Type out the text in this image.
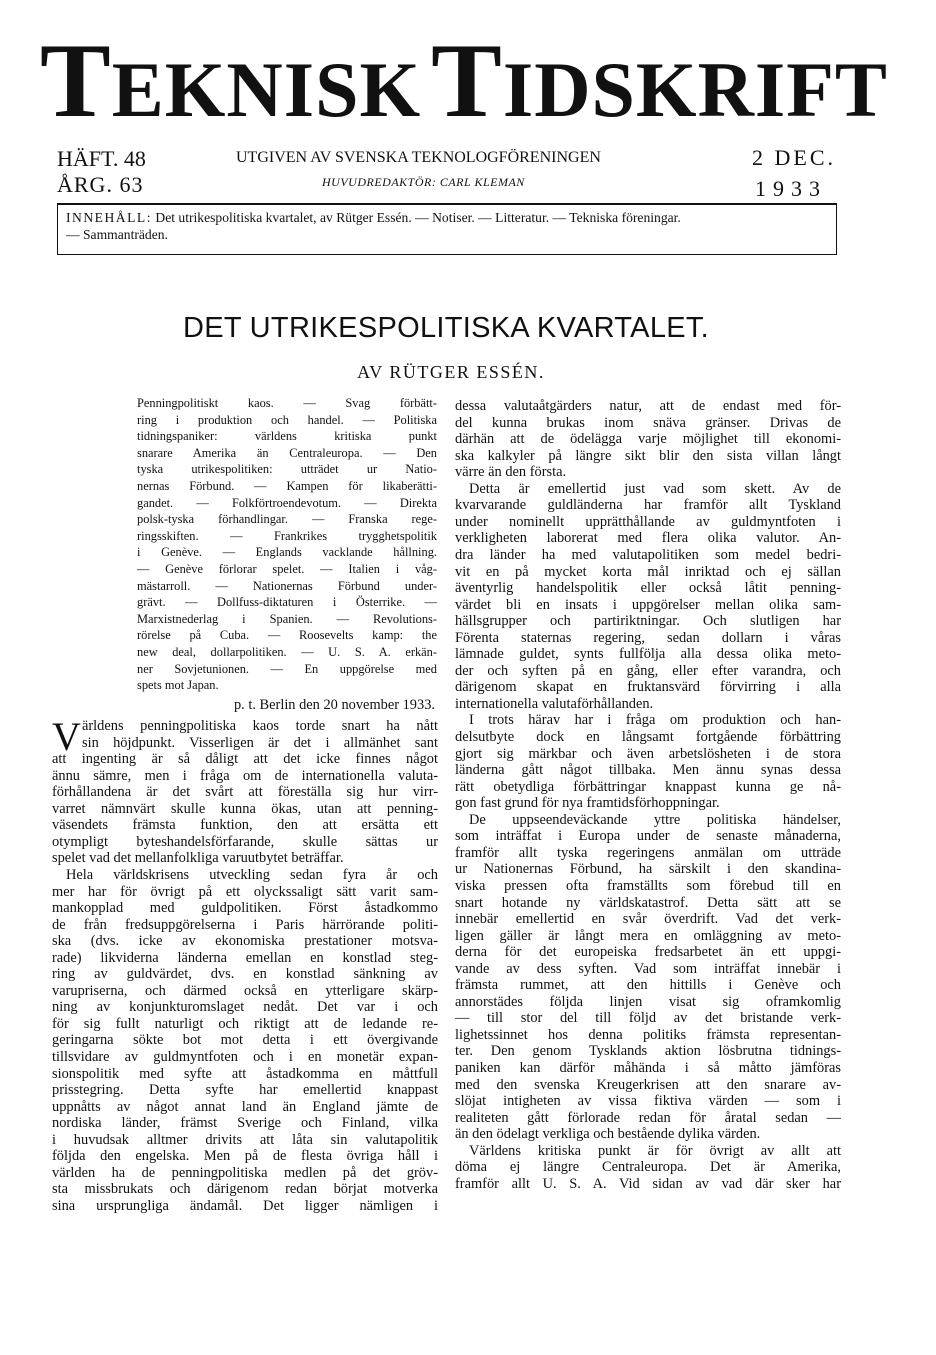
TEKNISKTIDSKRIFT
HÄFT. 48
ÅRG. 63
UTGIVEN AV SVENSKA TEKNOLOGFÖRENINGEN
HUVUDREDAKTÖR: CARL KLEMAN
2 DEC.
1933
INNEHÅLL: Det utrikespolitiska kvartalet, av Rütger Essén. — Notiser. — Litteratur. — Tekniska föreningar.
— Sammanträden.
DET UTRIKESPOLITISKA KVARTALET.
AV RÜTGER ESSÉN.
V
Penningpolitiskt kaos. — Svag förbätt-
ring i produktion och handel. — Politiska
tidningspaniker: världens kritiska punkt
snarare Amerika än Centraleuropa. — Den
tyska utrikespolitiken: utträdet ur Natio-
nernas Förbund. — Kampen för likaberätti-
gandet. — Folkförtroendevotum. — Direkta
polsk-tyska förhandlingar. — Franska rege-
ringsskiften. — Frankrikes trygghetspolitik
i Genève. — Englands vacklande hållning.
— Genève förlorar spelet. — Italien i våg-
mästarroll. — Nationernas Förbund under-
grävt. — Dollfuss-diktaturen i Österrike. —
Marxistnederlag i Spanien. — Revolutions-
rörelse på Cuba. — Roosevelts kamp: the
new deal, dollarpolitiken. — U. S. A. erkän-
ner Sovjetunionen. — En uppgörelse med
spets mot Japan.
p. t. Berlin den 20 november 1933.
ärldens penningpolitiska kaos torde snart ha nått
sin höjdpunkt. Visserligen är det i allmänhet sant
att ingenting är så dåligt att det icke finnes något
ännu sämre, men i fråga om de internationella valuta-
förhållandena är det svårt att föreställa sig hur virr-
varret nämnvärt skulle kunna ökas, utan att penning-
väsendets främsta funktion, den att ersätta ett
otympligt byteshandelsförfarande, skulle sättas ur
spelet vad det mellanfolkliga varuutbytet beträffar.
Hela världskrisens utveckling sedan fyra år och
mer har för övrigt på ett olyckssaligt sätt varit sam-
mankopplad med guldpolitiken. Först åstadkommo
de från fredsuppgörelserna i Paris härrörande politi-
ska (dvs. icke av ekonomiska prestationer motsva-
rade) likviderna länderna emellan en konstlad steg-
ring av guldvärdet, dvs. en konstlad sänkning av
varupriserna, och därmed också en ytterligare skärp-
ning av konjunkturomslaget nedåt. Det var i och
för sig fullt naturligt och riktigt att de ledande re-
geringarna sökte bot mot detta i ett övergivande
tillsvidare av guldmyntfoten och i en monetär expan-
sionspolitik med syfte att åstadkomma en måttfull
prisstegring. Detta syfte har emellertid knappast
uppnåtts av något annat land än England jämte de
nordiska länder, främst Sverige och Finland, vilka
i huvudsak alltmer drivits att låta sin valutapolitik
följda den engelska. Men på de flesta övriga håll i
världen ha de penningpolitiska medlen på det gröv-
sta missbrukats och därigenom redan börjat motverka
sina ursprungliga ändamål. Det ligger nämligen i
dessa valutaåtgärders natur, att de endast med för-
del kunna brukas inom snäva gränser. Drivas de
därhän att de ödelägga varje möjlighet till ekonomi-
ska kalkyler på längre sikt blir den sista villan långt
värre än den första.
Detta är emellertid just vad som skett. Av de
kvarvarande guldländerna har framför allt Tyskland
under nominellt upprätthållande av guldmyntfoten i
verkligheten laborerat med flera olika valutor. An-
dra länder ha med valutapolitiken som medel bedri-
vit en på mycket korta mål inriktad och ej sällan
äventyrlig handelspolitik eller också låtit penning-
värdet bli en insats i uppgörelser mellan olika sam-
hällsgrupper och partiriktningar. Och slutligen har
Förenta staternas regering, sedan dollarn i våras
lämnade guldet, synts fullfölja alla dessa olika meto-
der och syften på en gång, eller efter varandra, och
därigenom skapat en fruktansvärd förvirring i alla
internationella valutaförhållanden.
I trots härav har i fråga om produktion och han-
delsutbyte dock en långsamt fortgående förbättring
gjort sig märkbar och även arbetslösheten i de stora
länderna gått något tillbaka. Men ännu synas dessa
rätt obetydliga förbättringar knappast kunna ge nå-
gon fast grund för nya framtidsförhoppningar.
De uppseendeväckande yttre politiska händelser,
som inträffat i Europa under de senaste månaderna,
framför allt tyska regeringens anmälan om utträde
ur Nationernas Förbund, ha särskilt i den skandina-
viska pressen ofta framställts som förebud till en
snart hotande ny världskatastrof. Detta sätt att se
innebär emellertid en svår överdrift. Vad det verk-
ligen gäller är långt mera en omläggning av meto-
derna för det europeiska fredsarbetet än ett uppgi-
vande av dess syften. Vad som inträffat innebär i
främsta rummet, att den hittills i Genève och
annorstädes följda linjen visat sig oframkomlig
— till stor del till följd av det bristande verk-
lighetssinnet hos denna politiks främsta representan-
ter. Den genom Tysklands aktion lösbrutna tidnings-
paniken kan därför måhända i så måtto jämföras
med den svenska Kreugerkrisen att den snarare av-
slöjat intigheten av vissa fiktiva värden — som i
realiteten gått förlorade redan för åratal sedan —
än den ödelagt verkliga och bestående dylika värden.
Världens kritiska punkt är för övrigt av allt att
döma ej längre Centraleuropa. Det är Amerika,
framför allt U. S. A. Vid sidan av vad där sker har
